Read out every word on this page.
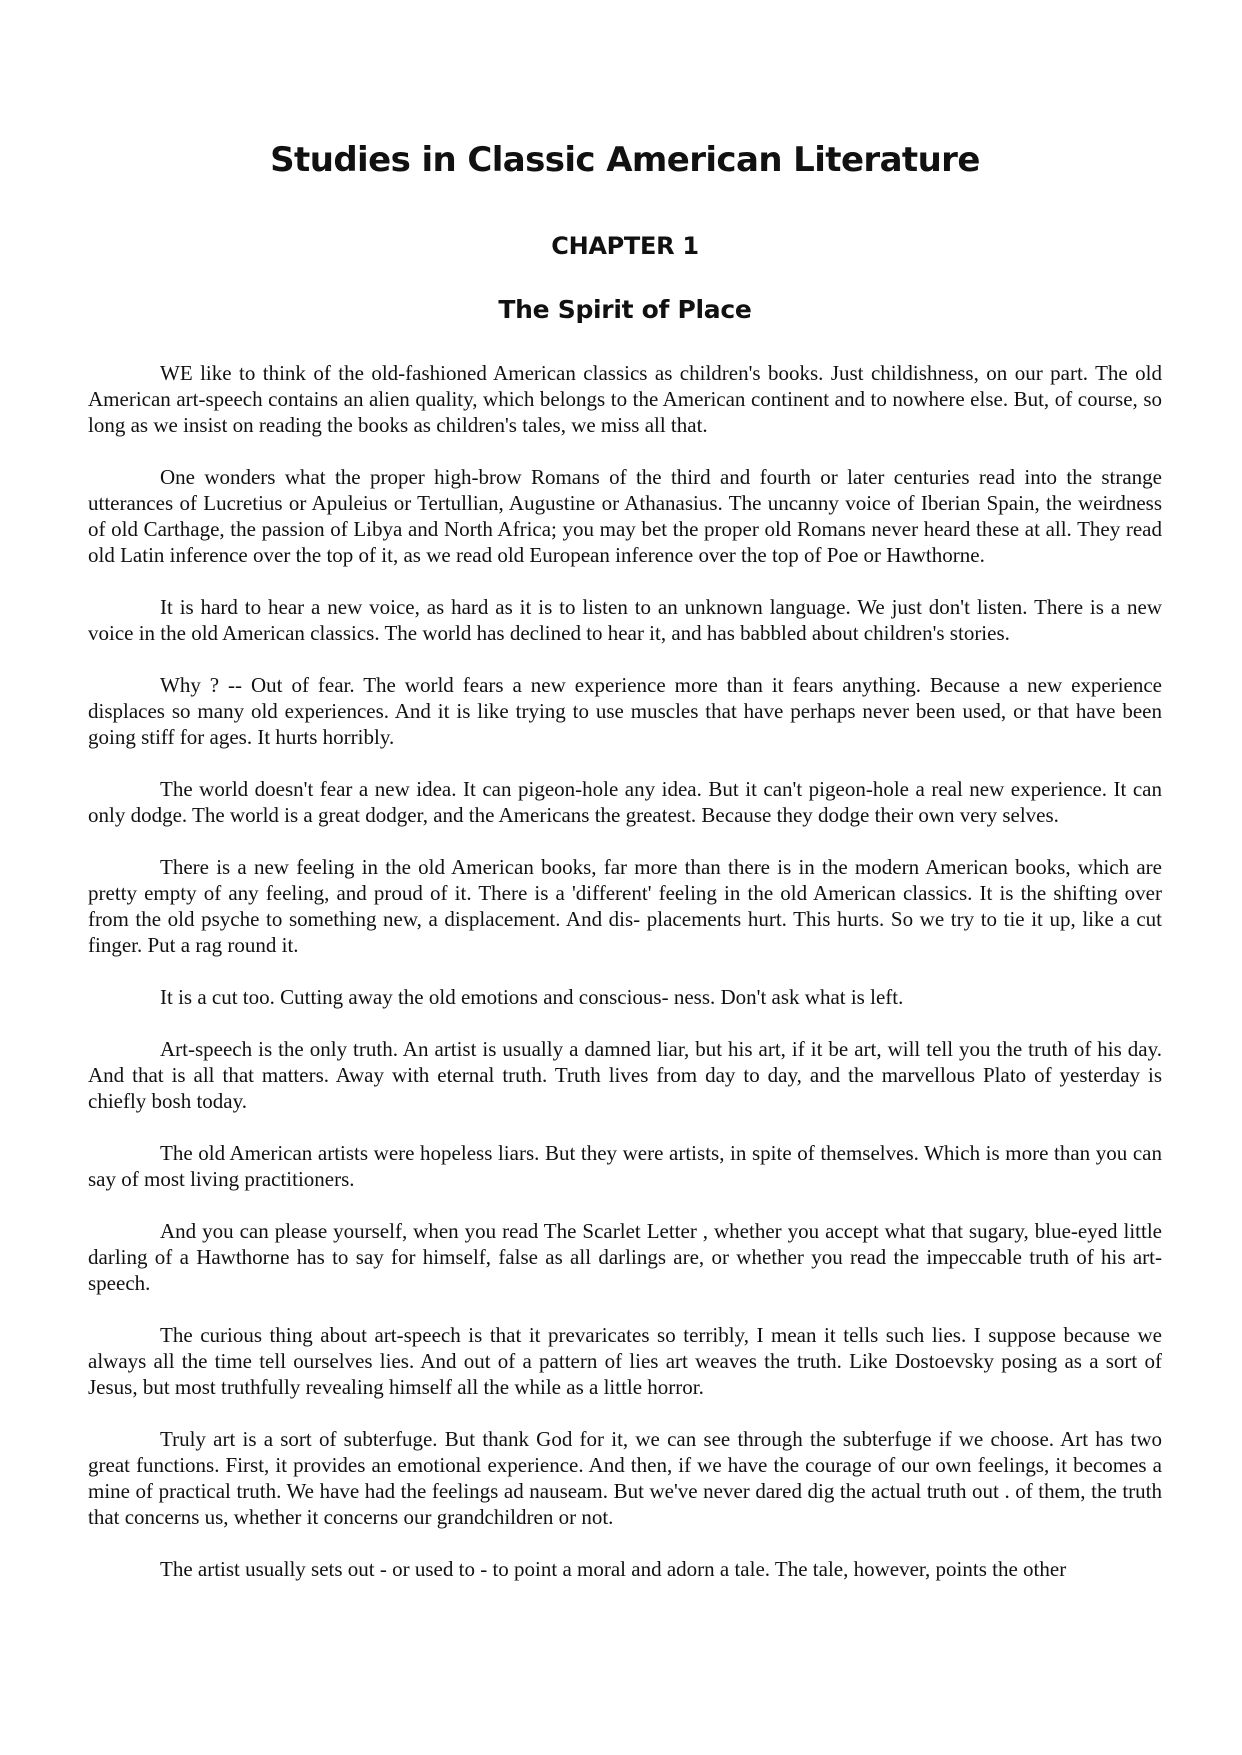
Studies in Classic American Literature
CHAPTER 1
The Spirit of Place

WE like to think of the old-fashioned American classics as children's books. Just childishness, on our part. The old American art-speech contains an alien quality, which belongs to the American continent and to nowhere else. But, of course, so long as we insist on reading the books as children's tales, we miss all that.

One wonders what the proper high-brow Romans of the third and fourth or later centuries read into the strange utterances of Lucretius or Apuleius or Tertullian, Augustine or Athanasius. The uncanny voice of Iberian Spain, the weirdness of old Carthage, the passion of Libya and North Africa; you may bet the proper old Romans never heard these at all. They read old Latin inference over the top of it, as we read old European inference over the top of Poe or Hawthorne.

It is hard to hear a new voice, as hard as it is to listen to an unknown language. We just don't listen. There is a new voice in the old American classics. The world has declined to hear it, and has babbled about children's stories.

Why ? -- Out of fear. The world fears a new experience more than it fears anything. Because a new experience displaces so many old experiences. And it is like trying to use muscles that have perhaps never been used, or that have been going stiff for ages. It hurts horribly.

The world doesn't fear a new idea. It can pigeon-hole any idea. But it can't pigeon-hole a real new experience. It can only dodge. The world is a great dodger, and the Americans the greatest. Because they dodge their own very selves.

There is a new feeling in the old American books, far more than there is in the modern American books, which are pretty empty of any feeling, and proud of it. There is a 'different' feeling in the old American classics. It is the shifting over from the old psyche to something new, a displacement. And dis- placements hurt. This hurts. So we try to tie it up, like a cut finger. Put a rag round it.

It is a cut too. Cutting away the old emotions and conscious- ness. Don't ask what is left.

Art-speech is the only truth. An artist is usually a damned liar, but his art, if it be art, will tell you the truth of his day. And that is all that matters. Away with eternal truth. Truth lives from day to day, and the marvellous Plato of yesterday is chiefly bosh today.

The old American artists were hopeless liars. But they were artists, in spite of themselves. Which is more than you can say of most living practitioners.

And you can please yourself, when you read The Scarlet Letter , whether you accept what that sugary, blue-eyed little darling of a Hawthorne has to say for himself, false as all darlings are, or whether you read the impeccable truth of his art-speech.

The curious thing about art-speech is that it prevaricates so terribly, I mean it tells such lies. I suppose because we always all the time tell ourselves lies. And out of a pattern of lies art weaves the truth. Like Dostoevsky posing as a sort of Jesus, but most truthfully revealing himself all the while as a little horror.

Truly art is a sort of subterfuge. But thank God for it, we can see through the subterfuge if we choose. Art has two great functions. First, it provides an emotional experience. And then, if we have the courage of our own feelings, it becomes a mine of practical truth. We have had the feelings ad nauseam. But we've never dared dig the actual truth out . of them, the truth that concerns us, whether it concerns our grandchildren or not.

The artist usually sets out - or used to - to point a moral and adorn a tale. The tale, however, points the other
